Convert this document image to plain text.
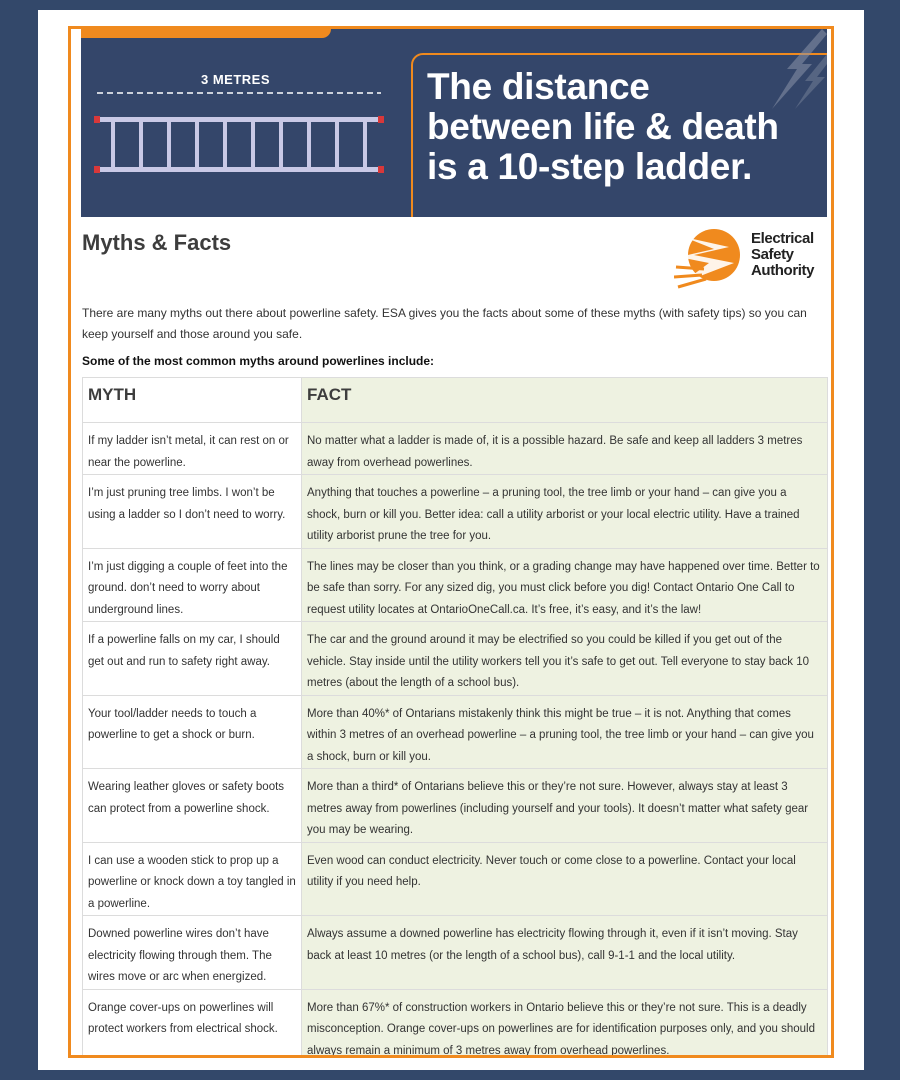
3 METRES	The distance
between life & death
is a 10-step ladder.
Myths & Facts	Electrical
Safety
Authority
There are many myths out there about powerline safety. ESA gives you the facts about some of these myths (with safety tips) so you can keep yourself and those around you safe.
Some of the most common myths around powerlines include:
MYTH	FACT
If my ladder isn’t metal, it can rest on or near the powerline.	No matter what a ladder is made of, it is a possible hazard. Be safe and keep all ladders 3 metres away from overhead powerlines.
I’m just pruning tree limbs. I won’t be using a ladder so I don’t need to worry.	Anything that touches a powerline – a pruning tool, the tree limb or your hand – can give you a shock, burn or kill you. Better idea: call a utility arborist or your local electric utility. Have a trained utility arborist prune the tree for you.
I’m just digging a couple of feet into the ground. don’t need to worry about underground lines.	The lines may be closer than you think, or a grading change may have happened over time. Better to be safe than sorry. For any sized dig, you must click before you dig! Contact Ontario One Call to request utility locates at OntarioOneCall.ca. It’s free, it’s easy, and it’s the law!
If a powerline falls on my car, I should get out and run to safety right away.	The car and the ground around it may be electrified so you could be killed if you get out of the vehicle. Stay inside until the utility workers tell you it’s safe to get out. Tell everyone to stay back 10 metres (about the length of a school bus).
Your tool/ladder needs to touch a powerline to get a shock or burn.	More than 40%* of Ontarians mistakenly think this might be true – it is not. Anything that comes within 3 metres of an overhead powerline – a pruning tool, the tree limb or your hand – can give you a shock, burn or kill you.
Wearing leather gloves or safety boots can protect from a powerline shock.	More than a third* of Ontarians believe this or they’re not sure. However, always stay at least 3 metres away from powerlines (including yourself and your tools). It doesn’t matter what safety gear you may be wearing.
I can use a wooden stick to prop up a powerline or knock down a toy tangled in a powerline.	Even wood can conduct electricity. Never touch or come close to a powerline. Contact your local utility if you need help.
Downed powerline wires don’t have electricity flowing through them. The wires move or arc when energized.	Always assume a downed powerline has electricity flowing through it, even if it isn’t moving. Stay back at least 10 metres (or the length of a school bus), call 9-1-1 and the local utility.
Orange cover-ups on powerlines will protect workers from electrical shock.	More than 67%* of construction workers in Ontario believe this or they’re not sure. This is a deadly misconception. Orange cover-ups on powerlines are for identification purposes only, and you should always remain a minimum of 3 metres away from overhead powerlines.
